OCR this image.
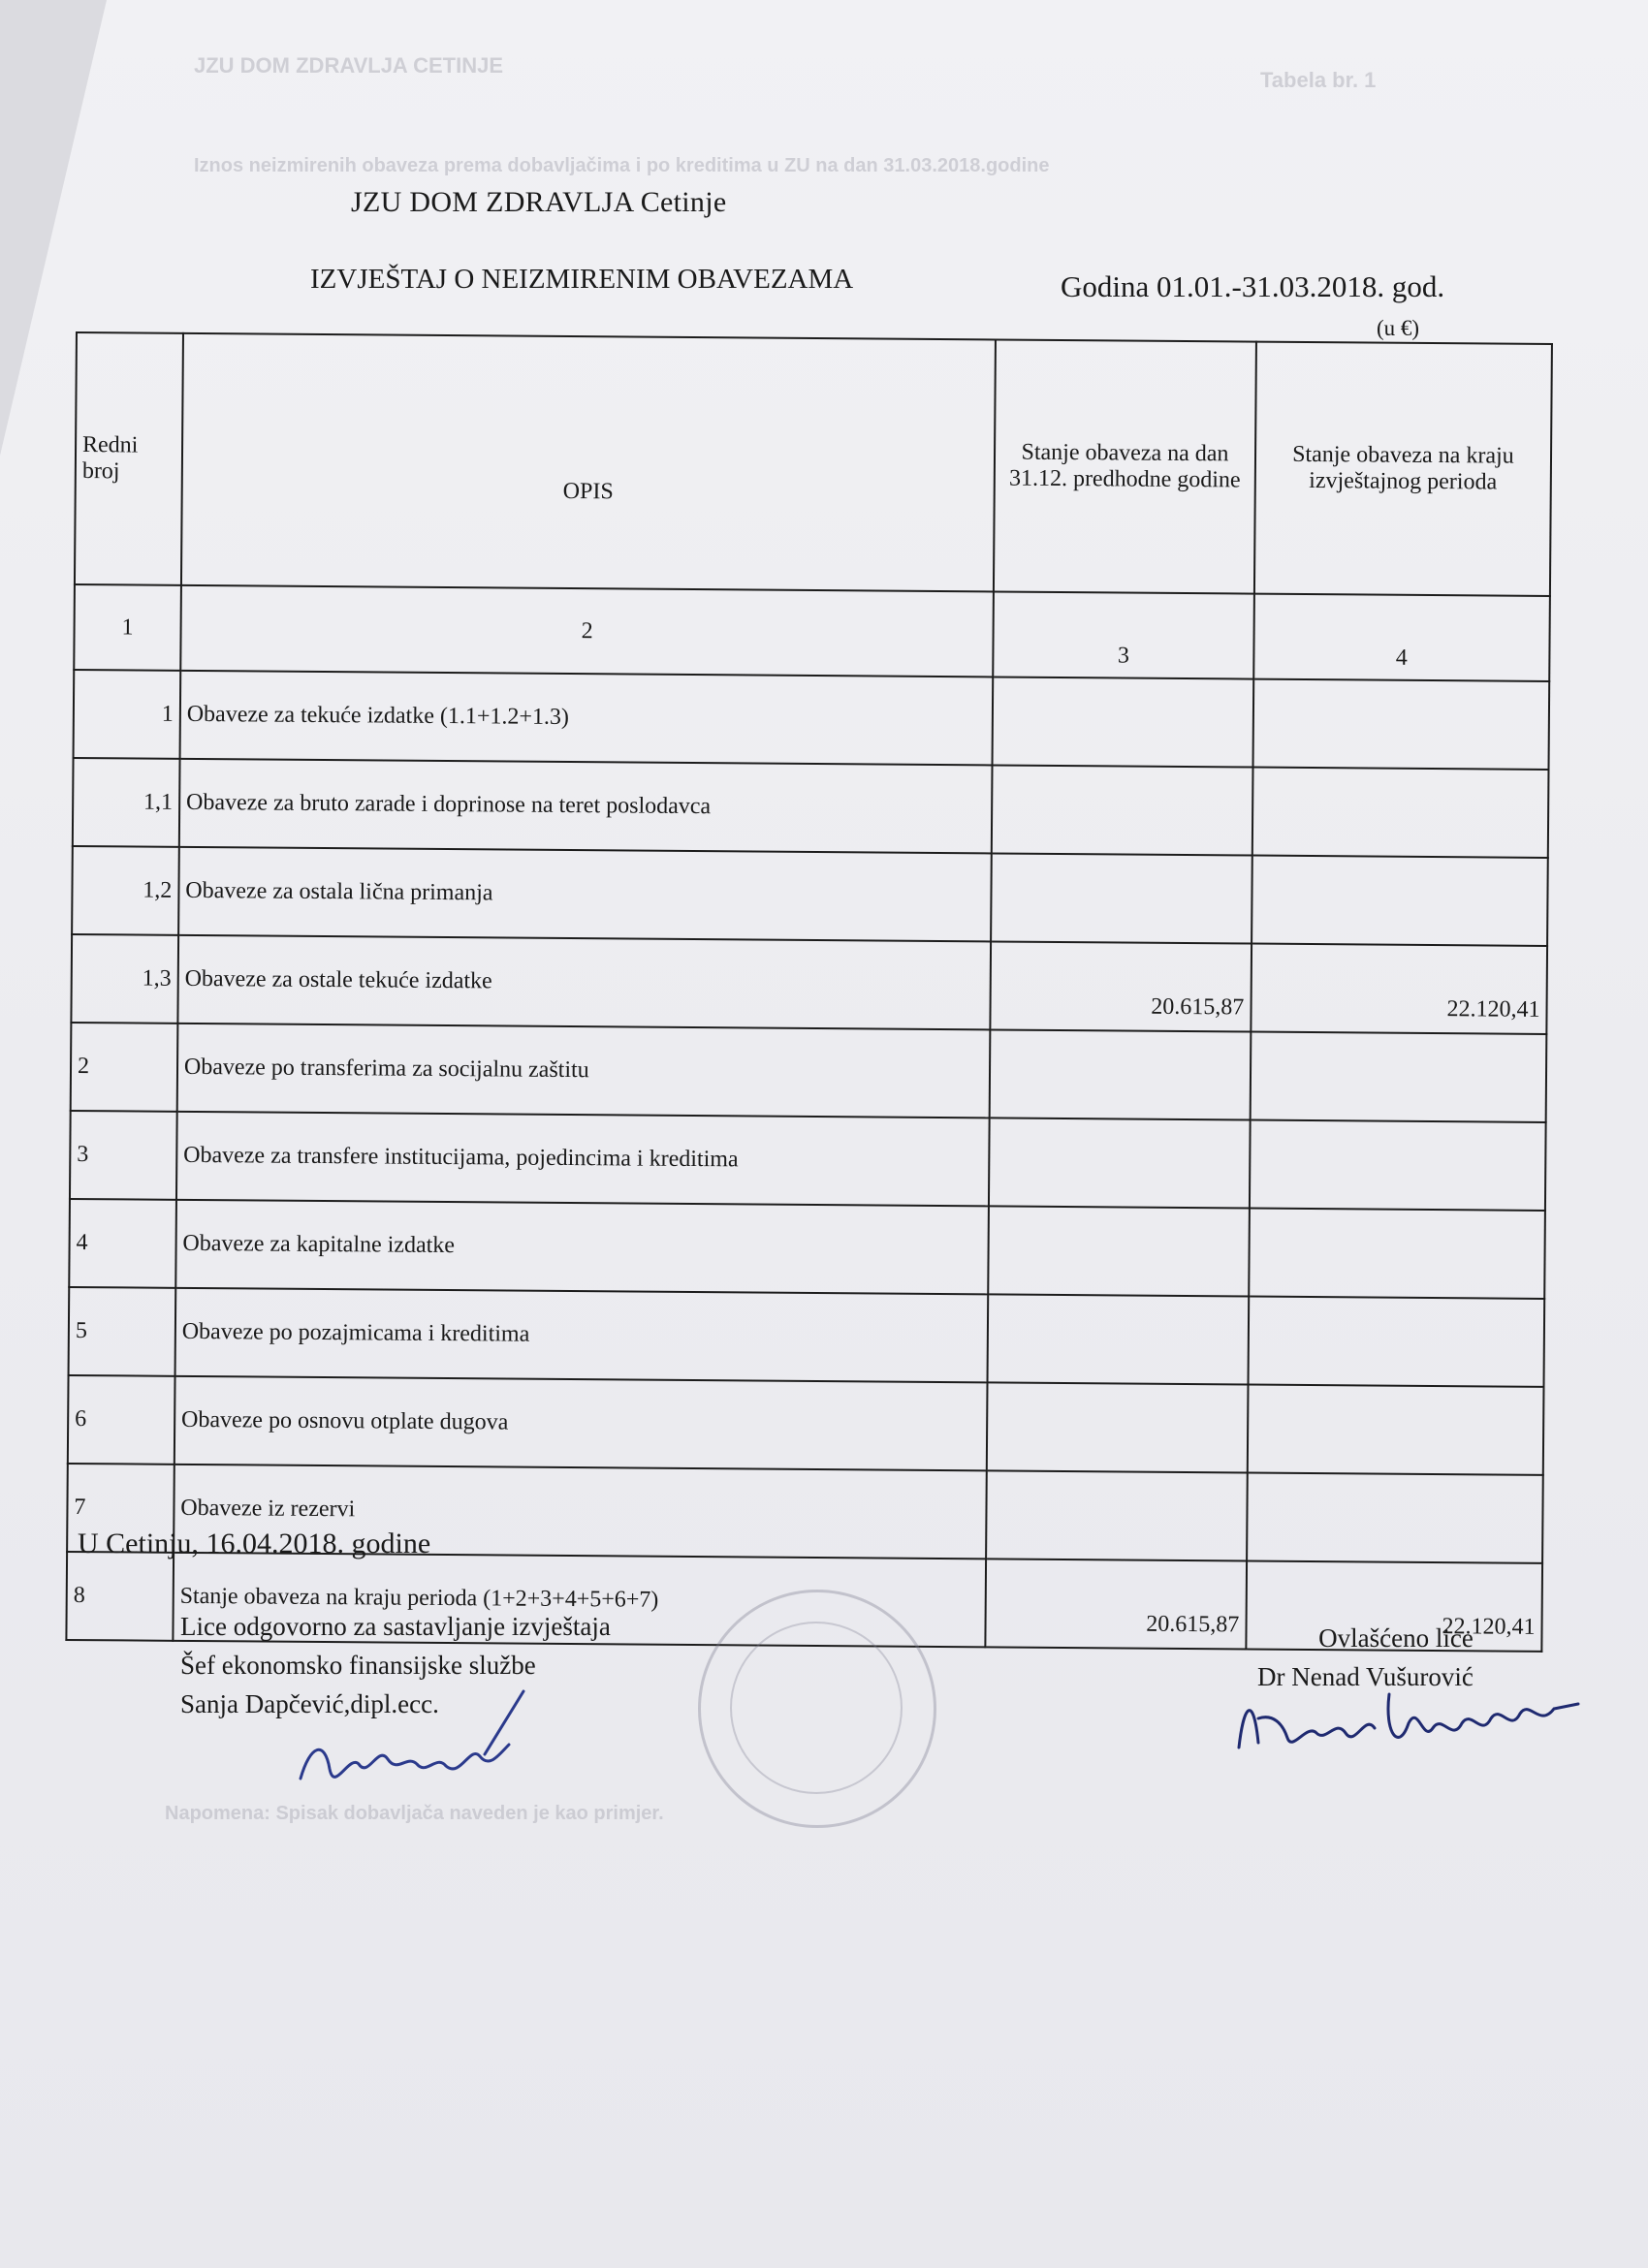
JZU DOM ZDRAVLJA CETINJE
Tabela br. 1
Iznos neizmirenih obaveza prema dobavljačima i po kreditima u ZU na dan 31.03.2018.godine
Napomena: Spisak dobavljača naveden je kao primjer.
JZU DOM ZDRAVLJA Cetinje
IZVJEŠTAJ O NEIZMIRENIM OBAVEZAMA	Godina 01.01.-31.03.2018. god.
(u €)
Redni broj	OPIS	Stanje obaveza na dan 31.12. predhodne godine	Stanje obaveza na kraju izvještajnog perioda
1	2	3	4
1	Obaveze za tekuće izdatke (1.1+1.2+1.3)		
1,1	Obaveze za bruto zarade i doprinose na teret poslodavca		
1,2	Obaveze za ostala lična primanja		
1,3	Obaveze za ostale tekuće izdatke	20.615,87	22.120,41
2	Obaveze po transferima za socijalnu zaštitu		
3	Obaveze za transfere institucijama, pojedincima i kreditima		
4	Obaveze za kapitalne izdatke		
5	Obaveze po pozajmicama i kreditima		
6	Obaveze po osnovu otplate dugova		
7	Obaveze iz rezervi		
8	Stanje obaveza na kraju perioda (1+2+3+4+5+6+7)	20.615,87	22.120,41
U Cetinju, 16.04.2018. godine
Lice odgovorno za sastavljanje izvještaja
Šef ekonomsko finansijske službe
Sanja Dapčević,dipl.ecc.
Ovlašćeno lice
Dr Nenad Vušurović
